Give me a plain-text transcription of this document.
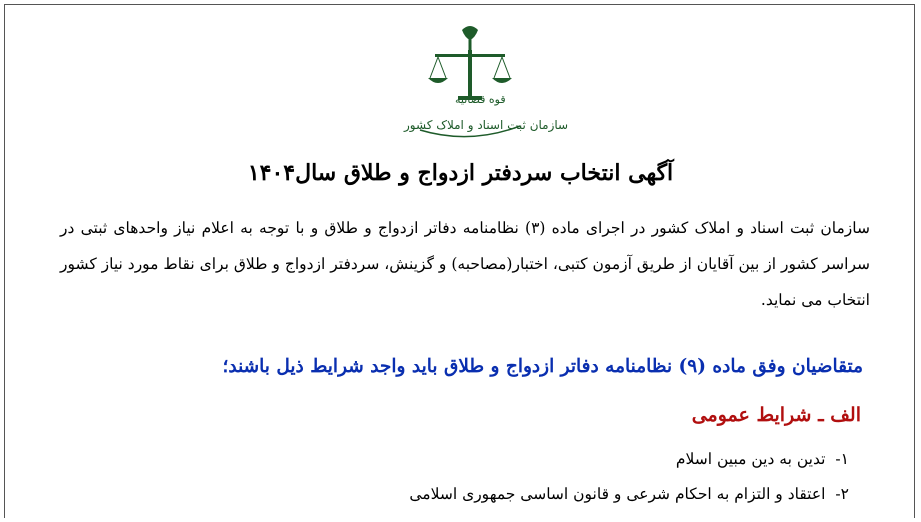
قوه قضائیه
سازمان ثبت اسناد و املاک کشور
آگهی انتخاب سردفتر ازدواج و طلاق سال۱۴۰۴
سازمان ثبت اسناد و املاک کشور در اجرای ماده (۳) نظامنامه دفاتر ازدواج و طلاق و با توجه به اعلام نیاز واحدهای ثبتی در سراسر کشور از بین آقایان از طریق آزمون کتبی، اختبار(مصاحبه) و گزینش، سردفتر ازدواج و طلاق برای نقاط مورد نیاز کشور انتخاب می نماید.
متقاضیان وفق ماده (۹) نظامنامه دفاتر ازدواج و طلاق باید واجد شرایط ذیل باشند؛
الف ـ شرایط عمومی
۱-تدین به دین مبین اسلام
۲-اعتقاد و التزام به احکام شرعی و قانون اساسی جمهوری اسلامی
